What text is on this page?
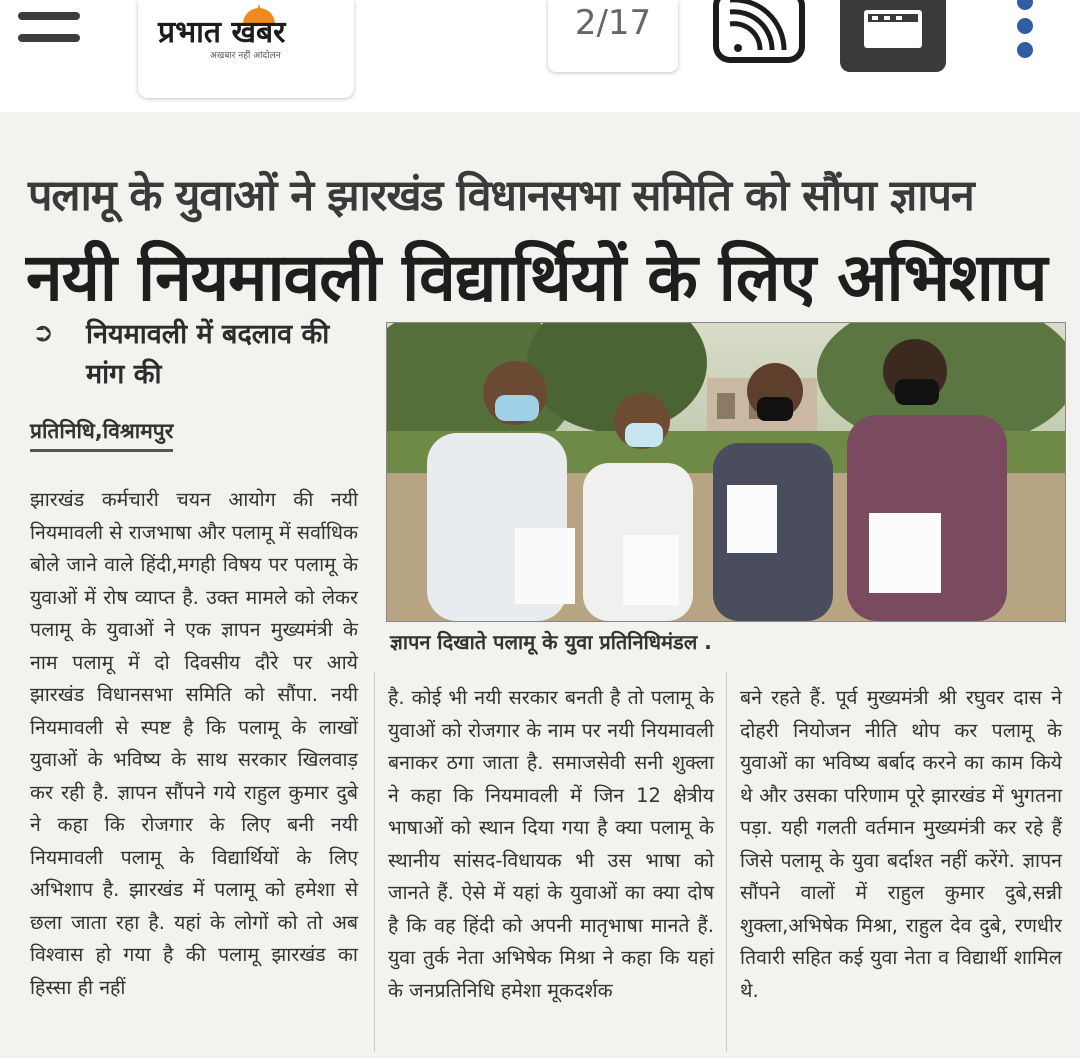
प्रभात खबर
अखबार नहीं आंदोलन
2/17
पलामू के युवाओं ने झारखंड विधानसभा समिति को सौंपा ज्ञापन
नयी नियमावली विद्यार्थियों के लिए अभिशाप
➲ नियमावली में बदलाव की मांग की
प्रतिनिधि,विश्रामपुर
झारखंड कर्मचारी चयन आयोग की नयी नियमावली से राजभाषा और पलामू में सर्वाधिक बोले जाने वाले हिंदी,मगही विषय पर पलामू के युवाओं में रोष व्याप्त है. उक्त मामले को लेकर पलामू के युवाओं ने एक ज्ञापन मुख्यमंत्री के नाम पलामू में दो दिवसीय दौरे पर आये झारखंड विधानसभा समिति को सौंपा. नयी नियमावली से स्पष्ट है कि पलामू के लाखों युवाओं के भविष्य के साथ सरकार खिलवाड़ कर रही है. ज्ञापन सौंपने गये राहुल कुमार दुबे ने कहा कि रोजगार के लिए बनी नयी नियमावली पलामू के विद्यार्थियों के लिए अभिशाप है. झारखंड में पलामू को हमेशा से छला जाता रहा है. यहां के लोगों को तो अब विश्वास हो गया है की पलामू झारखंड का हिस्सा ही नहीं
ज्ञापन दिखाते पलामू के युवा प्रतिनिधिमंडल .
है. कोई भी नयी सरकार बनती है तो पलामू के युवाओं को रोजगार के नाम पर नयी नियमावली बनाकर ठगा जाता है. समाजसेवी सनी शुक्ला ने कहा कि नियमावली में जिन 12 क्षेत्रीय भाषाओं को स्थान दिया गया है क्या पलामू के स्थानीय सांसद-विधायक भी उस भाषा को जानते हैं. ऐसे में यहां के युवाओं का क्या दोष है कि वह हिंदी को अपनी मातृभाषा मानते हैं. युवा तुर्क नेता अभिषेक मिश्रा ने कहा कि यहां के जनप्रतिनिधि हमेशा मूकदर्शक
बने रहते हैं. पूर्व मुख्यमंत्री श्री रघुवर दास ने दोहरी नियोजन नीति थोप कर पलामू के युवाओं का भविष्य बर्बाद करने का काम किये थे और उसका परिणाम पूरे झारखंड में भुगतना पड़ा. यही गलती वर्तमान मुख्यमंत्री कर रहे हैं जिसे पलामू के युवा बर्दाश्त नहीं करेंगे. ज्ञापन सौंपने वालों में राहुल कुमार दुबे,सन्नी शुक्ला,अभिषेक मिश्रा, राहुल देव दुबे, रणधीर तिवारी सहित कई युवा नेता व विद्यार्थी शामिल थे.
